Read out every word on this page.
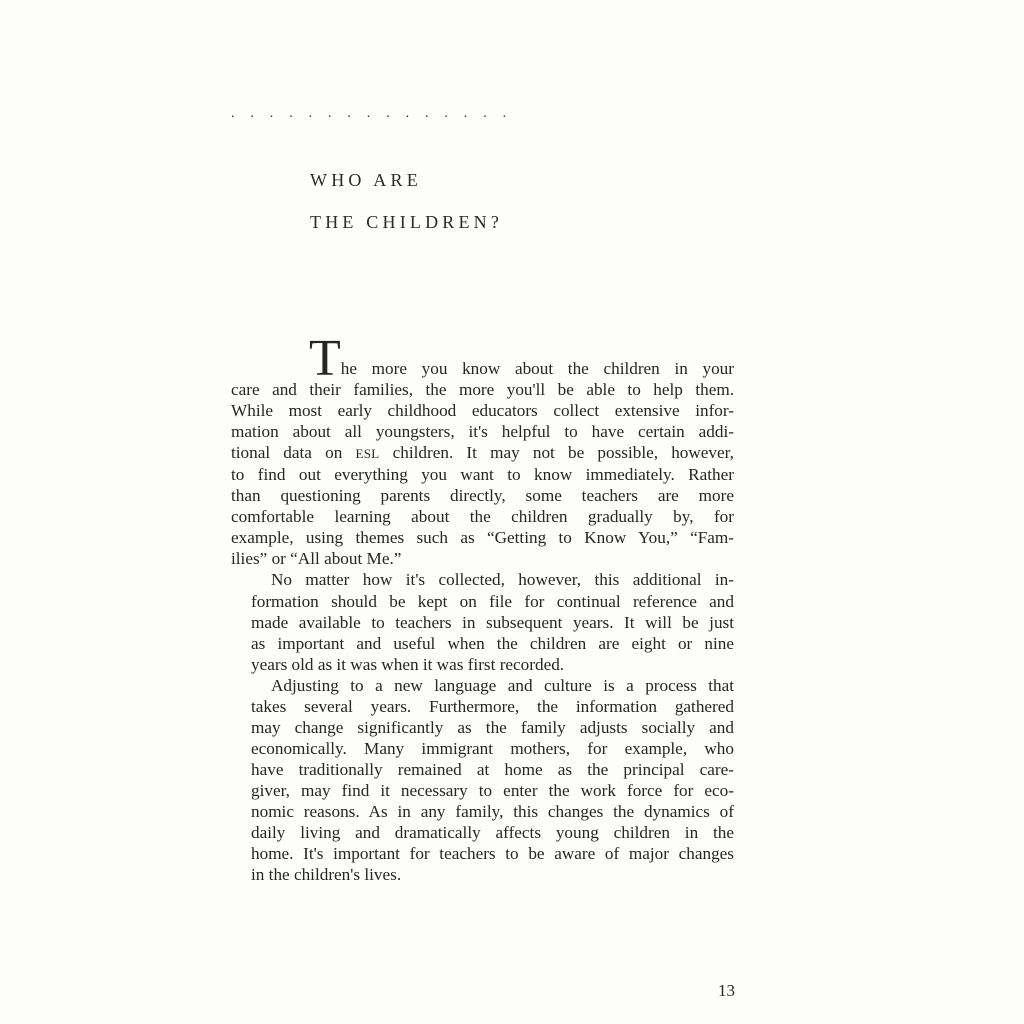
. . . . . . . . . . . . . . .
WHO ARE
THE CHILDREN?

The more you know about the children in your
care and their families, the more you'll be able to help them.
While most early childhood educators collect extensive infor-
mation about all youngsters, it's helpful to have certain addi-
tional data on ESL children. It may not be possible, however,
to find out everything you want to know immediately. Rather
than questioning parents directly, some teachers are more
comfortable learning about the children gradually by, for
example, using themes such as “Getting to Know You,” “Fam-
ilies” or “All about Me.”

No matter how it's collected, however, this additional in-
formation should be kept on file for continual reference and
made available to teachers in subsequent years. It will be just
as important and useful when the children are eight or nine
years old as it was when it was first recorded.

Adjusting to a new language and culture is a process that
takes several years. Furthermore, the information gathered
may change significantly as the family adjusts socially and
economically. Many immigrant mothers, for example, who
have traditionally remained at home as the principal care-
giver, may find it necessary to enter the work force for eco-
nomic reasons. As in any family, this changes the dynamics of
daily living and dramatically affects young children in the
home. It's important for teachers to be aware of major changes
in the children's lives.

13
